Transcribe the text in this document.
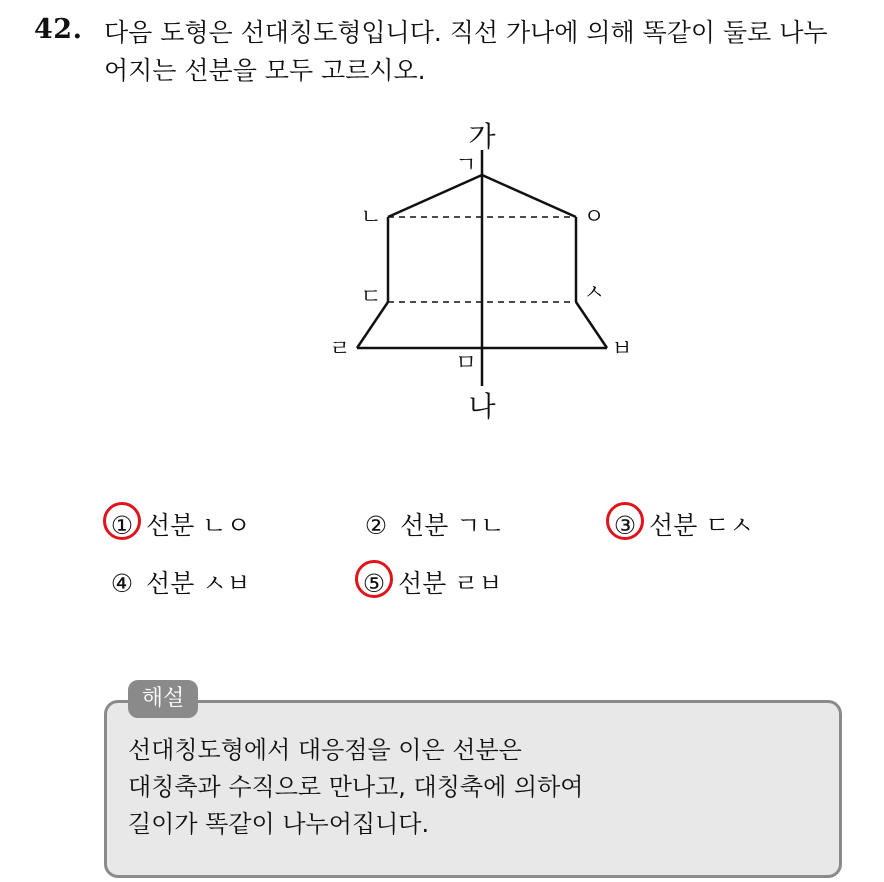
42. 다음 도형은 선대칭도형입니다. 직선 가나에 의해 똑같이 둘로 나누
어지는 선분을 모두 고르시오.
가
나
ㄱ
ㄴ	ㅇ
ㄷ	ㅅ
ㄹ	ㅂ
ㅁ
① 선분 ㄴㅇ	② 선분 ㄱㄴ	③ 선분 ㄷㅅ
④ 선분 ㅅㅂ	⑤ 선분 ㄹㅂ
해설
선대칭도형에서 대응점을 이은 선분은
대칭축과 수직으로 만나고, 대칭축에 의하여
길이가 똑같이 나누어집니다.
